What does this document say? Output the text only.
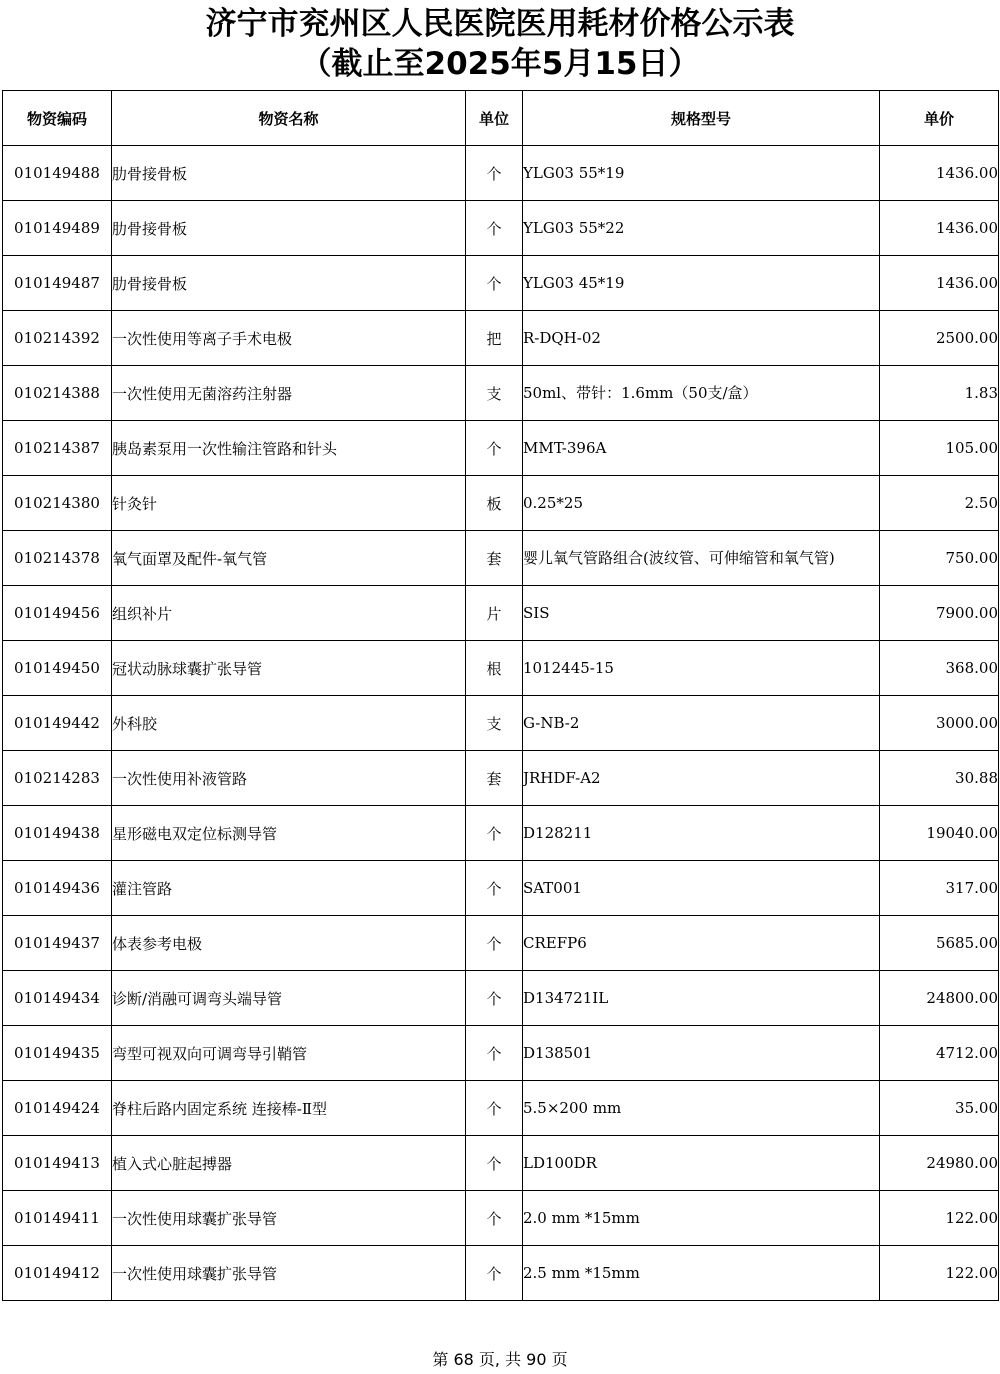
济宁市兖州区人民医院医用耗材价格公示表
（截止至2025年5月15日）
物资编码	物资名称	单位	规格型号	单价
010149488	肋骨接骨板	个	YLG03 55*19	1436.00
010149489	肋骨接骨板	个	YLG03 55*22	1436.00
010149487	肋骨接骨板	个	YLG03 45*19	1436.00
010214392	一次性使用等离子手术电极	把	R-DQH-02	2500.00
010214388	一次性使用无菌溶药注射器	支	50ml、带针：1.6mm（50支/盒）	1.83
010214387	胰岛素泵用一次性输注管路和针头	个	MMT-396A	105.00
010214380	针灸针	板	0.25*25	2.50
010214378	氧气面罩及配件-氧气管	套	婴儿氧气管路组合(波纹管、可伸缩管和氧气管)	750.00
010149456	组织补片	片	SIS	7900.00
010149450	冠状动脉球囊扩张导管	根	1012445-15	368.00
010149442	外科胶	支	G-NB-2	3000.00
010214283	一次性使用补液管路	套	JRHDF-A2	30.88
010149438	星形磁电双定位标测导管	个	D128211	19040.00
010149436	灌注管路	个	SAT001	317.00
010149437	体表参考电极	个	CREFP6	5685.00
010149434	诊断/消融可调弯头端导管	个	D134721IL	24800.00
010149435	弯型可视双向可调弯导引鞘管	个	D138501	4712.00
010149424	脊柱后路内固定系统 连接棒-Ⅱ型	个	5.5×200 mm	35.00
010149413	植入式心脏起搏器	个	LD100DR	24980.00
010149411	一次性使用球囊扩张导管	个	2.0 mm *15mm	122.00
010149412	一次性使用球囊扩张导管	个	2.5 mm *15mm	122.00
第 68 页, 共 90 页
